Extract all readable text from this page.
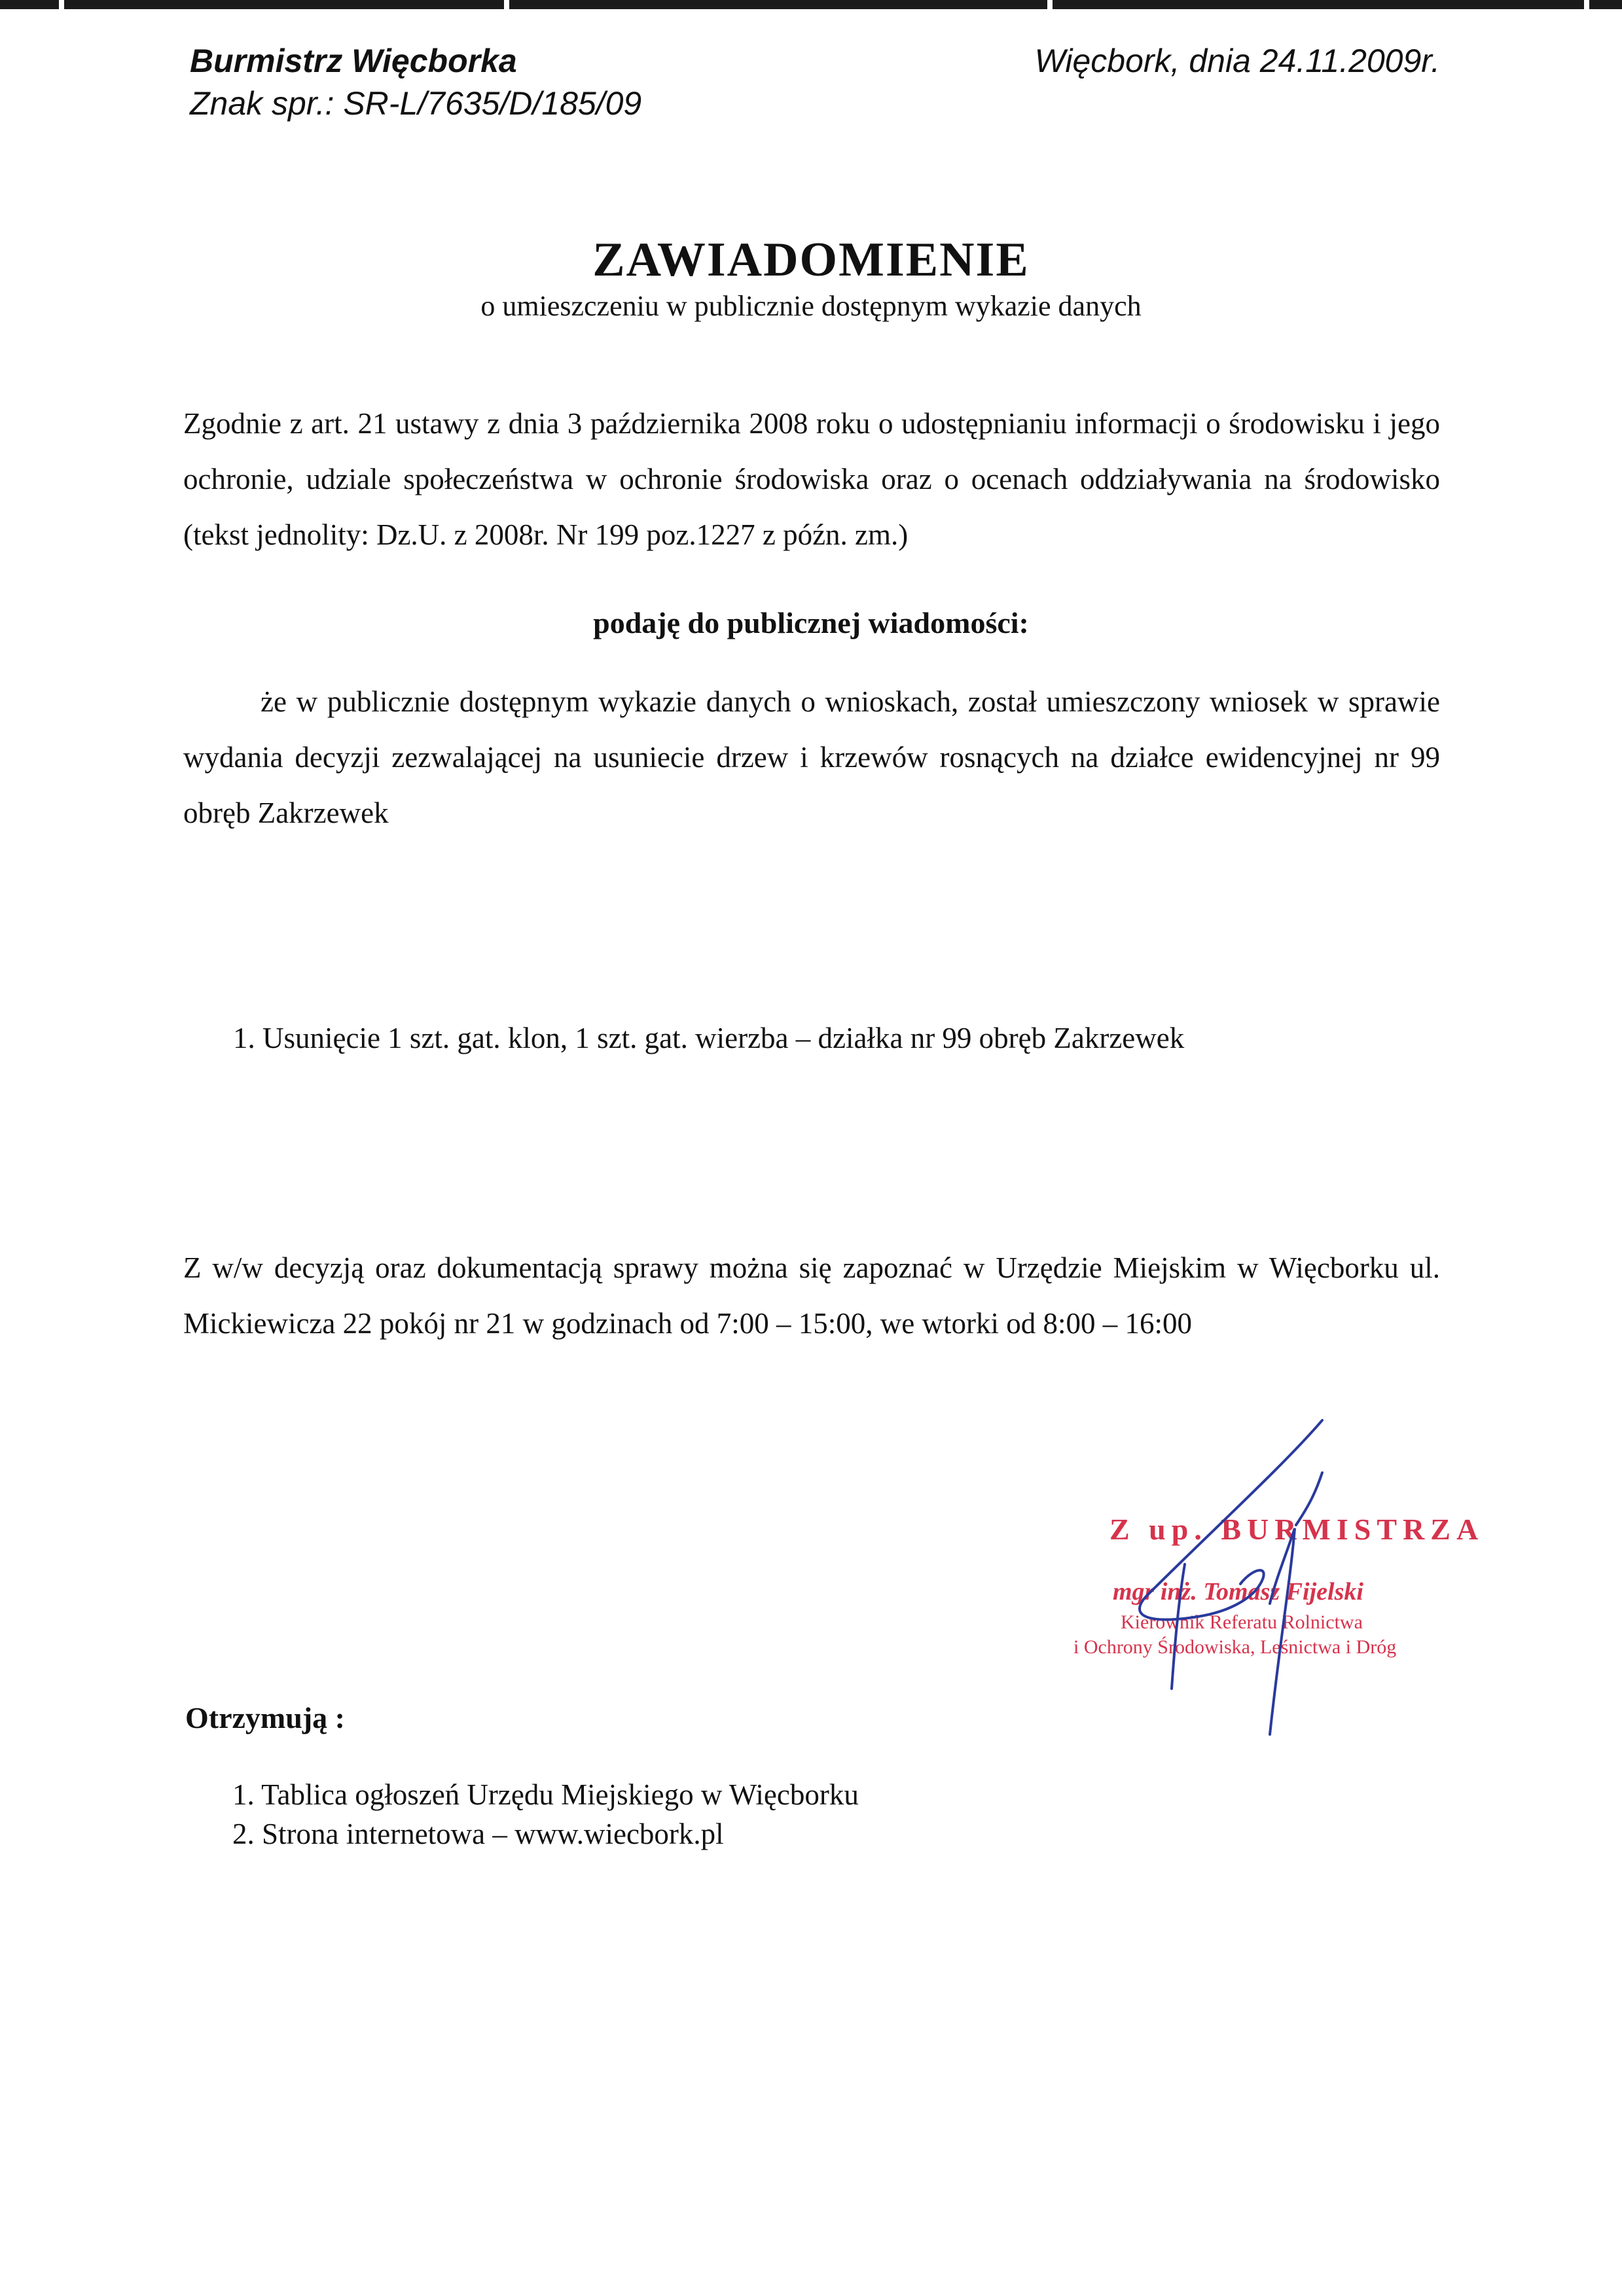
Burmistrz Więcborka
Znak spr.: SR-L/7635/D/185/09
Więcbork, dnia 24.11.2009r.
ZAWIADOMIENIE
o umieszczeniu w publicznie dostępnym wykazie danych
Zgodnie z art. 21 ustawy z dnia 3 października 2008 roku o udostępnianiu informacji o środowisku i jego ochronie, udziale społeczeństwa w ochronie środowiska oraz o ocenach oddziaływania na środowisko (tekst jednolity: Dz.U. z 2008r. Nr 199 poz.1227 z późn. zm.)
podaję do publicznej wiadomości:
że w publicznie dostępnym wykazie danych o wnioskach, został umieszczony wniosek w sprawie wydania decyzji zezwalającej na usuniecie drzew i krzewów rosnących na działce ewidencyjnej nr 99 obręb Zakrzewek
1. Usunięcie 1 szt. gat. klon, 1 szt. gat. wierzba – działka nr 99 obręb Zakrzewek
Z w/w decyzją oraz dokumentacją sprawy można się zapoznać w Urzędzie Miejskim w Więcborku ul. Mickiewicza 22 pokój nr 21 w godzinach od 7:00 – 15:00, we wtorki od 8:00 – 16:00
Z up. BURMISTRZA
mgr inż. Tomasz Fijelski
Kierownik Referatu Rolnictwa
i Ochrony Środowiska, Leśnictwa i Dróg
Otrzymują :
1. Tablica ogłoszeń Urzędu Miejskiego w Więcborku
2. Strona internetowa – www.wiecbork.pl
